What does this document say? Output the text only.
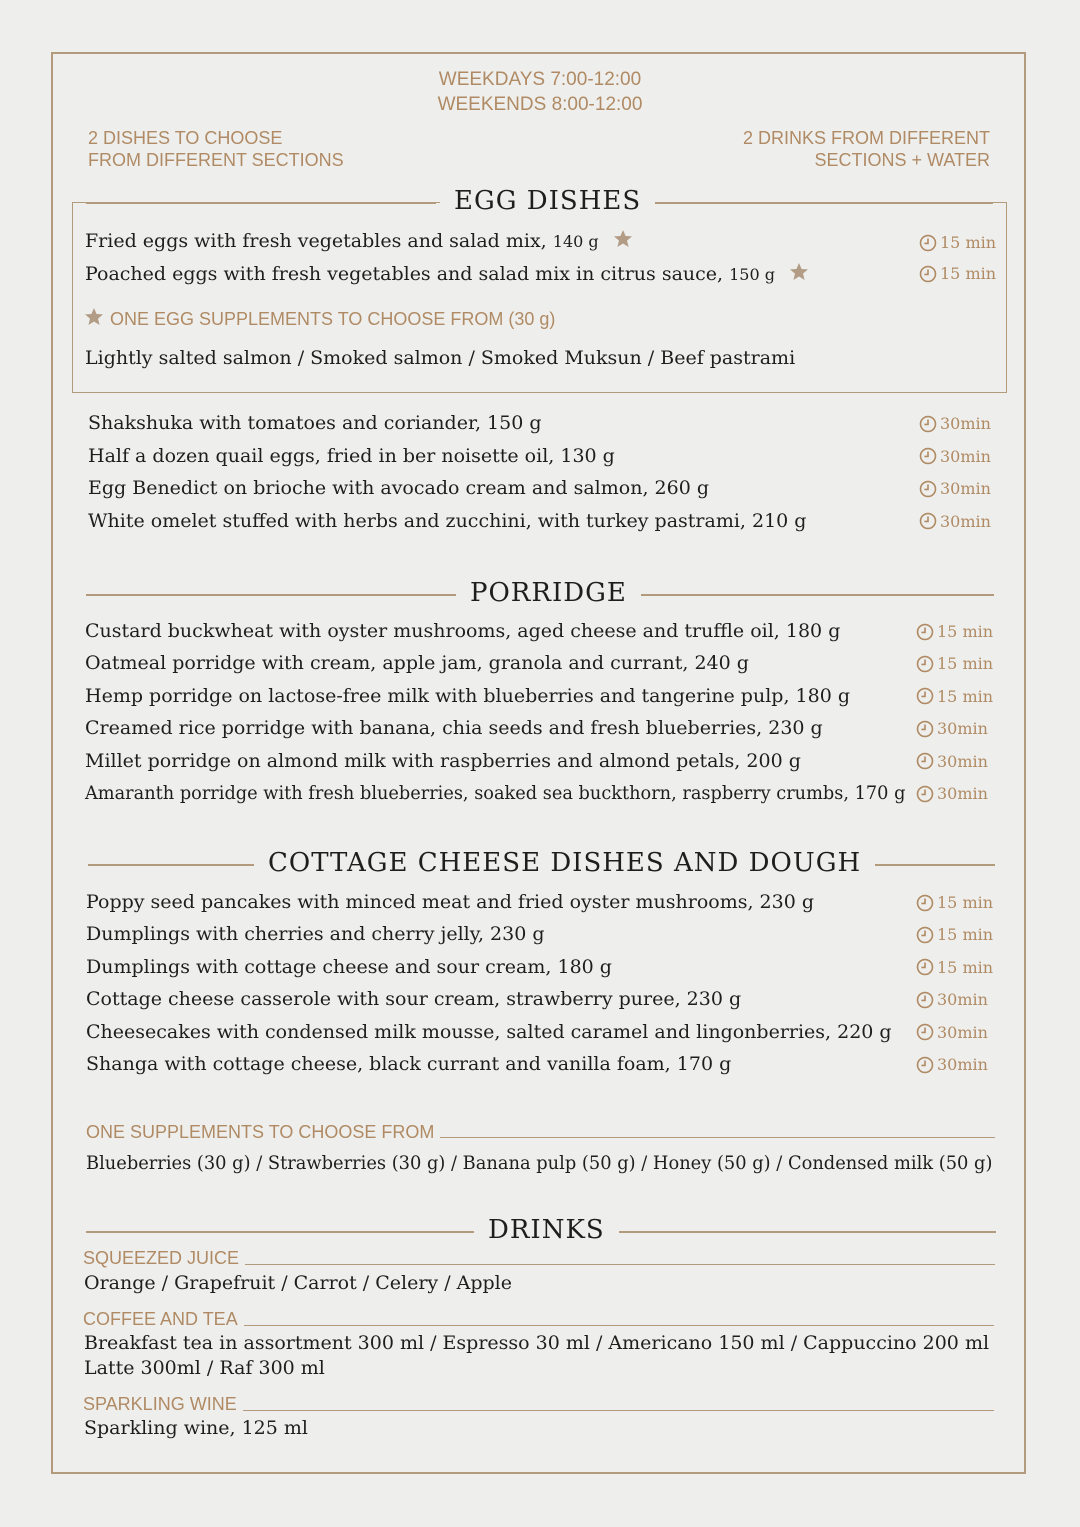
WEEKDAYS 7:00-12:00
WEEKENDS 8:00-12:00
2 DISHES TO CHOOSE
FROM DIFFERENT SECTIONS
2 DRINKS FROM DIFFERENT
SECTIONS + WATER
EGG DISHES
Fried eggs with fresh vegetables and salad mix, 140 g	15 min
Poached eggs with fresh vegetables and salad mix in citrus sauce, 150 g	15 min
ONE EGG SUPPLEMENTS TO CHOOSE FROM (30 g)
Lightly salted salmon / Smoked salmon / Smoked Muksun / Beef pastrami
Shakshuka with tomatoes and coriander, 150 g	30min
Half a dozen quail eggs, fried in ber noisette oil, 130 g	30min
Egg Benedict on brioche with avocado cream and salmon, 260 g	30min
White omelet stuffed with herbs and zucchini, with turkey pastrami, 210 g	30min
PORRIDGE
Custard buckwheat with oyster mushrooms, aged cheese and truffle oil, 180 g	15 min
Oatmeal porridge with cream, apple jam, granola and currant, 240 g	15 min
Hemp porridge on lactose-free milk with blueberries and tangerine pulp, 180 g	15 min
Creamed rice porridge with banana, chia seeds and fresh blueberries, 230 g	30min
Millet porridge on almond milk with raspberries and almond petals, 200 g	30min
Amaranth porridge with fresh blueberries, soaked sea buckthorn, raspberry crumbs, 170 g 30min
COTTAGE CHEESE DISHES AND DOUGH
Poppy seed pancakes with minced meat and fried oyster mushrooms, 230 g	15 min
Dumplings with cherries and cherry jelly, 230 g	15 min
Dumplings with cottage cheese and sour cream, 180 g	15 min
Cottage cheese casserole with sour cream, strawberry puree, 230 g	30min
Cheesecakes with condensed milk mousse, salted caramel and lingonberries, 220 g	30min
Shanga with cottage cheese, black currant and vanilla foam, 170 g	30min
ONE SUPPLEMENTS TO CHOOSE FROM
Blueberries (30 g) / Strawberries (30 g) / Banana pulp (50 g) / Honey (50 g) / Condensed milk (50 g)
DRINKS
SQUEEZED JUICE
Orange / Grapefruit / Carrot / Celery / Apple
COFFEE AND TEA
Breakfast tea in assortment 300 ml / Espresso 30 ml / Americano 150 ml / Cappuccino 200 ml
Latte 300ml / Raf 300 ml
SPARKLING WINE
Sparkling wine, 125 ml
